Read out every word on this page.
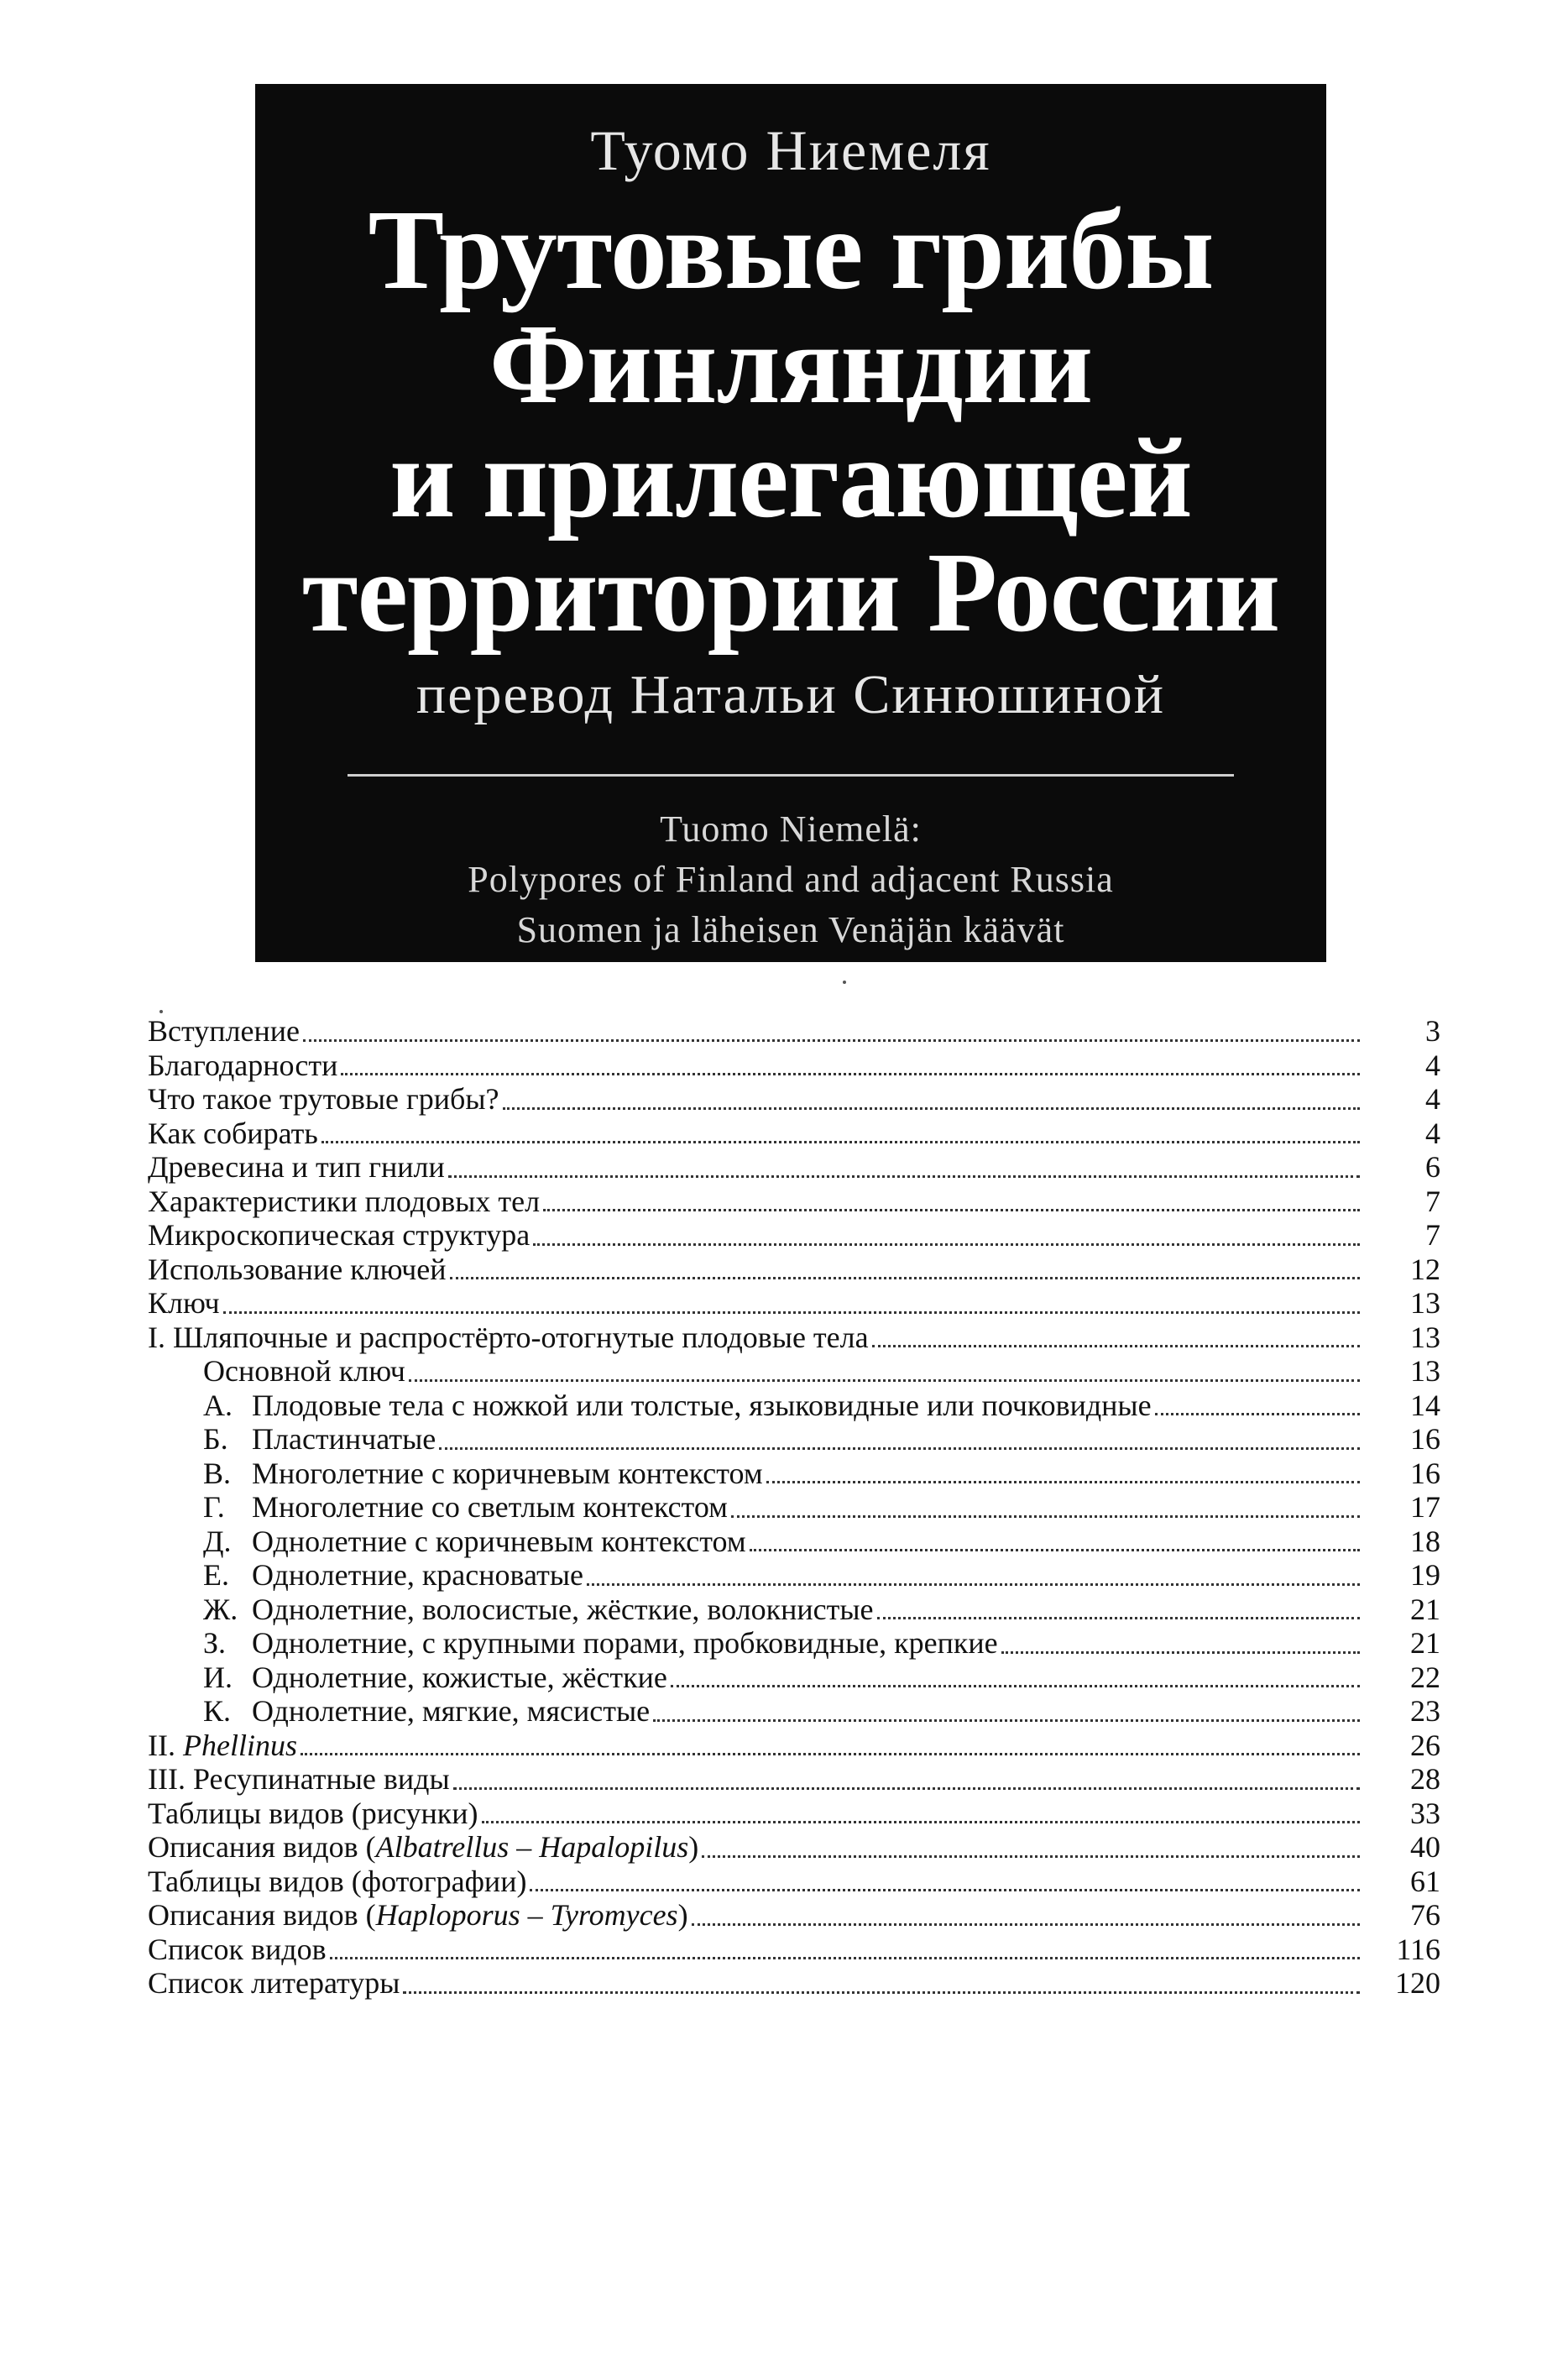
Туомо Ниемеля
Трутовые грибы
Финляндии
и прилегающей
территории России
перевод Натальи Синюшиной
Tuomo Niemelä:
Polypores of Finland and adjacent Russia
Suomen ja läheisen Venäjän käävät
Вступление	3
Благодарности	4
Что такое трутовые грибы?	4
Как собирать	4
Древесина и тип гнили	6
Характеристики плодовых тел	7
Микроскопическая структура	7
Использование ключей	12
Ключ	13
I. Шляпочные и распростёрто-отогнутые плодовые тела	13
Основной ключ	13
А. Плодовые тела с ножкой или толстые, языковидные или почковидные	14
Б. Пластинчатые	16
В. Многолетние с коричневым контекстом	16
Г. Многолетние со светлым контекстом	17
Д. Однолетние с коричневым контекстом	18
Е. Однолетние, красноватые	19
Ж. Однолетние, волосистые, жёсткие, волокнистые	21
З. Однолетние, с крупными порами, пробковидные, крепкие	21
И. Однолетние, кожистые, жёсткие	22
К. Однолетние, мягкие, мясистые	23
II. Phellinus	26
III. Ресупинатные виды	28
Таблицы видов (рисунки)	33
Описания видов (Albatrellus – Hapalopilus)	40
Таблицы видов (фотографии)	61
Описания видов (Haploporus – Tyromyces)	76
Список видов	116
Список литературы	120
